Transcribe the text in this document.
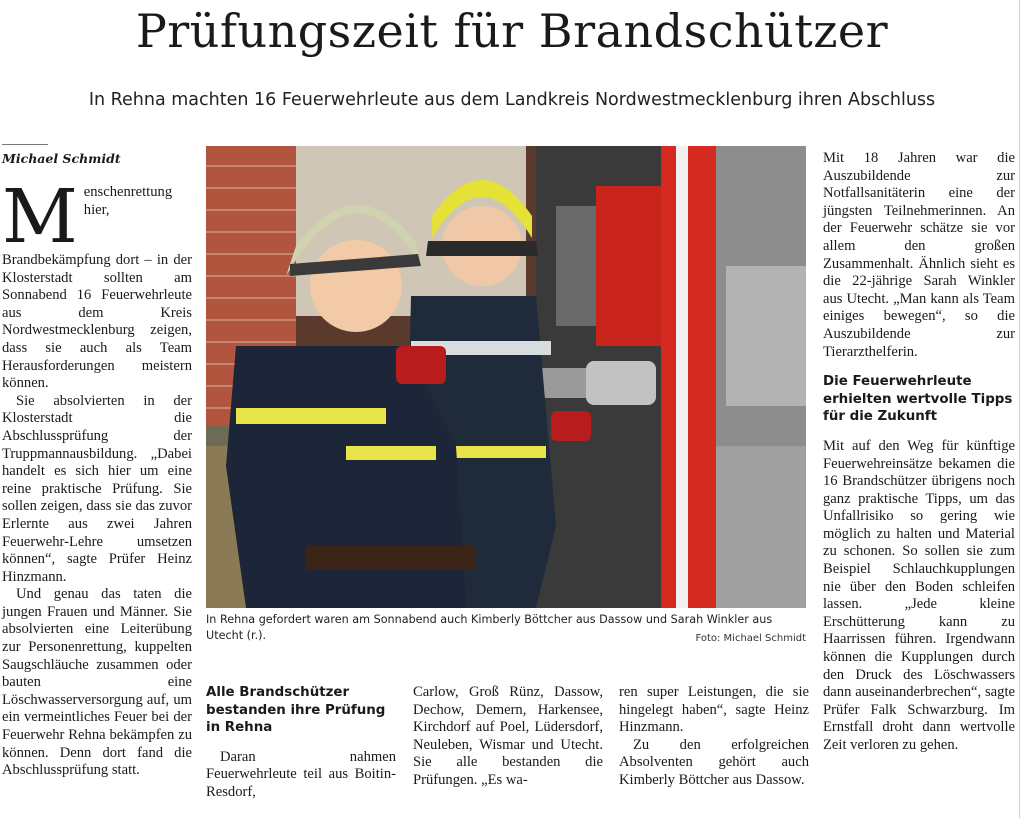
Prüfungszeit für Brandschützer
In Rehna machten 16 Feuerwehrleute aus dem Landkreis Nordwestmecklenburg ihren Abschluss
Michael Schmidt
M enschenrettung hier, Brandbekämpfung dort – in der Klosterstadt sollten am Sonnabend 16 Feuerwehrleute aus dem Kreis Nordwestmecklenburg zeigen, dass sie auch als Team Herausforderungen meistern können.

Sie absolvierten in der Klosterstadt die Abschlussprüfung der Truppmannausbildung. „Dabei handelt es sich hier um eine reine praktische Prüfung. Sie sollen zeigen, dass sie das zuvor Erlernte aus zwei Jahren Feuerwehr-Lehre umsetzen können“, sagte Prüfer Heinz Hinzmann.

Und genau das taten die jungen Frauen und Männer. Sie absolvierten eine Leiterübung zur Personenrettung, kuppelten Saugschläuche zusammen oder bauten eine Löschwasserversorgung auf, um ein vermeintliches Feuer bei der Feuerwehr Rehna bekämpfen zu können. Denn dort fand die Abschlussprüfung statt.

In Rehna gefordert waren am Sonnabend auch Kimberly Böttcher aus Dassow und Sarah Winkler aus Utecht (r.).	Foto: Michael Schmidt
Alle Brandschützer bestanden ihre Prüfung in Rehna

Daran nahmen Feuerwehrleute teil aus Boitin-Resdorf,

Carlow, Groß Rünz, Dassow, Dechow, Demern, Harkensee, Kirchdorf auf Poel, Lüdersdorf, Neuleben, Wismar und Utecht. Sie alle bestanden die Prüfungen. „Es wa-

ren super Leistungen, die sie hingelegt haben“, sagte Heinz Hinzmann.

Zu den erfolgreichen Absolventen gehört auch Kimberly Böttcher aus Dassow.

Mit 18 Jahren war die Auszubildende zur Notfallsanitäterin eine der jüngsten Teilnehmerinnen. An der Feuerwehr schätze sie vor allem den großen Zusammenhalt. Ähnlich sieht es die 22-jährige Sarah Winkler aus Utecht. „Man kann als Team einiges bewegen“, so die Auszubildende zur Tierarzthelferin.

Die Feuerwehrleute erhielten wertvolle Tipps für die Zukunft

Mit auf den Weg für künftige Feuerwehreinsätze bekamen die 16 Brandschützer übrigens noch ganz praktische Tipps, um das Unfallrisiko so gering wie möglich zu halten und Material zu schonen. So sollen sie zum Beispiel Schlauchkupplungen nie über den Boden schleifen lassen. „Jede kleine Erschütterung kann zu Haarrissen führen. Irgendwann können die Kupplungen durch den Druck des Löschwassers dann auseinanderbrechen“, sagte Prüfer Falk Schwarzburg. Im Ernstfall droht dann wertvolle Zeit verloren zu gehen.
